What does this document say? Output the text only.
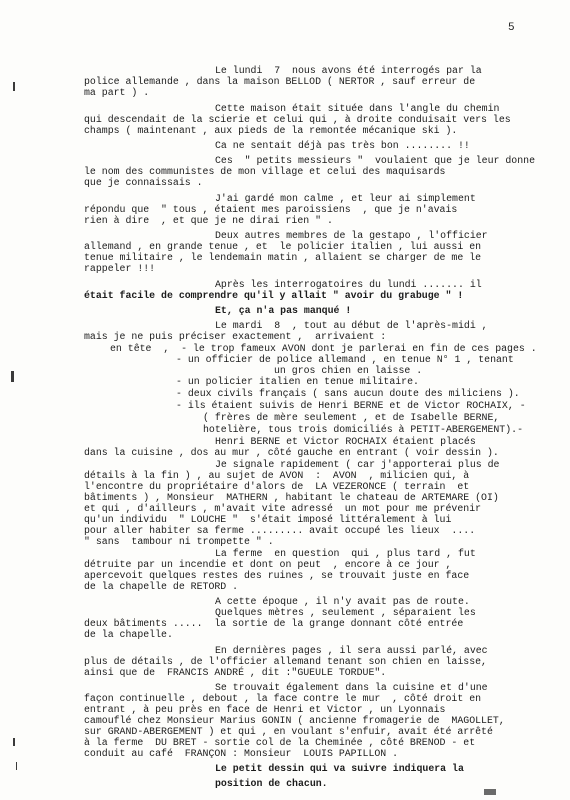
5
Le lundi  7  nous avons été interrogés par la
police allemande , dans la maison BELLOD ( NERTOR , sauf erreur de
ma part ) .
Cette maison était située dans l'angle du chemin
qui descendait de la scierie et celui qui , à droite conduisait vers les
champs ( maintenant , aux pieds de la remontée mécanique ski ).
Ca ne sentait déjà pas très bon ........ !!
Ces  " petits messieurs "  voulaient que je leur donne
le nom des communistes de mon village et celui des maquisards
que je connaissais .
J'ai gardé mon calme , et leur ai simplement
répondu que  " tous , étaient mes paroissiens  , que je n'avais
rien à dire  , et que je ne dirai rien " .
Deux autres membres de la gestapo , l'officier
allemand , en grande tenue , et  le policier italien , lui aussi en
tenue militaire , le lendemain matin , allaient se charger de me le
rappeler !!!
Après les interrogatoires du lundi ....... il
était facile de comprendre qu'il y allait " avoir du grabuge " !
Et, ça n'a pas manqué !
Le mardi  8  , tout au début de l'après-midi ,
mais je ne puis préciser exactement ,  arrivaient :
en tête  ,  - le trop fameux AVON dont je parlerai en fin de ces pages .
- un officier de police allemand , en tenue N° 1 , tenant
un gros chien en laisse .
- un policier italien en tenue militaire.
- deux civils français ( sans aucun doute des miliciens ).
- ils étaient suivis de Henri BERNE et de Victor ROCHAIX, -
( frères de mère seulement , et de Isabelle BERNE,
hotelière, tous trois domiciliés à PETIT-ABERGEMENT).-
Henri BERNE et Victor ROCHAIX étaient placés
dans la cuisine , dos au mur , côté gauche en entrant ( voir dessin ).
Je signale rapidement ( car j'apporterai plus de
détails à la fin ) , au sujet de AVON  :  AVON  , milicien qui, à
l'encontre du propriétaire d'alors de  LA VEZERONCE ( terrain  et
bâtiments ) , Monsieur  MATHERN , habitant le chateau de ARTEMARE (OI)
et qui , d'ailleurs , m'avait vite adressé  un mot pour me prévenir
qu'un individu  " LOUCHE "  s'était imposé littéralement à lui
pour aller habiter sa ferme ......... avait occupé les lieux  ....
" sans  tambour ni trompette " .
La ferme  en question  qui , plus tard , fut
détruite par un incendie et dont on peut  , encore à ce jour ,
apercevoit quelques restes des ruines , se trouvait juste en face
de la chapelle de RETORD .
A cette époque , il n'y avait pas de route.
Quelques mètres , seulement , séparaient les
deux bâtiments .....  la sortie de la grange donnant côté entrée
de la chapelle.
En dernières pages , il sera aussi parlé, avec
plus de détails , de l'officier allemand tenant son chien en laisse,
ainsi que de  FRANCIS ANDRÉ , dit :"GUEULE TORDUE".
Se trouvait également dans la cuisine et d'une
façon continuelle , debout , la face contre le mur  , côté droit en
entrant , à peu près en face de Henri et Victor , un Lyonnais
camouflé chez Monsieur Marius GONIN ( ancienne fromagerie de  MAGOLLET,
sur GRAND-ABERGEMENT ) et qui , en voulant s'enfuir, avait été arrêté
à la ferme  DU BRET - sortie col de la Cheminée , côté BRENOD - et
conduit au café  FRANÇON : Monsieur  LOUIS PAPILLON .
Le petit dessin qui va suivre indiquera la
position de chacun.
